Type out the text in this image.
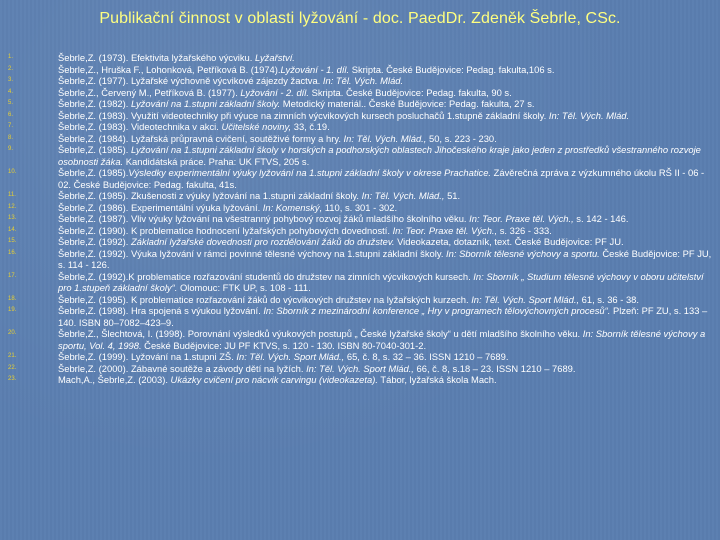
Publikační činnost v oblasti lyžování - doc. PaedDr. Zdeněk Šebrle, CSc.
1.	Šebrle,Z. (1973). Efektivita lyžařského výcviku. Lyžařství.
2.	Šebrle,Z., Hruška F., Lohonková, Petříková B. (1974).Lyžování - 1. díl. Skripta. České Budějovice: Pedag. fakulta,106 s.
3.	Šebrle,Z. (1977). Lyžařské výchovně výcvikové zájezdy žactva. In: Těl. Vých. Mlád.
4.	Šebrle,Z., Červený M., Petříková B. (1977). Lyžování - 2. díl. Skripta. České Budějovice: Pedag. fakulta, 90 s.
5.	Šebrle,Z. (1982). Lyžování na 1.stupni základní školy. Metodický materiál.. České Budějovice: Pedag. fakulta, 27 s.
6.	Šebrle,Z. (1983). Využití videotechniky při výuce na zimních výcvikových kursech posluchačů 1.stupně základní školy. In: Těl. Vých. Mlád.
7.	Šebrle,Z. (1983). Videotechnika v akci. Učitelské noviny, 33, č.19.
8.	Šebrle,Z. (1984). Lyžařská průpravná cvičení, soutěživé formy a hry. In: Těl. Vých. Mlád., 50, s. 223 - 230.
9.	Šebrle,Z. (1985). Lyžování na 1.stupni základní školy v horských a podhorských oblastech Jihočeského kraje jako jeden z prostředků všestranného rozvoje osobnosti žáka. Kandidátská práce. Praha: UK FTVS, 205 s.
10.	Šebrle,Z. (1985).Výsledky experimentální výuky lyžování na 1.stupni základní školy v okrese Prachatice. Závěrečná zpráva z výzkumného úkolu RŠ II - 06 - 02. České Budějovice: Pedag. fakulta, 41s.
11.	Šebrle,Z. (1985). Zkušenosti z výuky lyžování na 1.stupni základní školy. In: Těl. Vých. Mlád., 51.
12.	Šebrle,Z. (1986). Experimentální výuka lyžování. In: Komenský, 110, s. 301 - 302.
13.	Šebrle,Z. (1987). Vliv výuky lyžování na všestranný pohybový rozvoj žáků mladšího školního věku. In: Teor. Praxe těl. Vých., s. 142 - 146.
14.	Šebrle,Z. (1990). K problematice hodnocení lyžařských pohybových dovedností. In: Teor. Praxe těl. Vých., s. 326 - 333.
15.	Šebrle,Z. (1992). Základní lyžařské dovednosti pro rozdělování žáků do družstev. Videokazeta, dotazník, text. České Budějovice: PF JU.
16.	Šebrle,Z. (1992). Výuka lyžování v rámci povinné tělesné výchovy na 1.stupni základní školy. In: Sborník tělesné výchovy a sportu. České Budějovice: PF JU, s. 114 - 126.
17.	Šebrle,Z. (1992).K problematice rozřazování studentů do družstev na zimních výcvikových kursech. In: Sborník „ Studium tělesné výchovy v oboru učitelství pro 1.stupeň základní školy“. Olomouc: FTK UP, s. 108 - 111.
18.	Šebrle,Z. (1995). K problematice rozřazování žáků do výcvikových družstev na lyžařských kurzech. In: Těl. Vých. Sport Mlád., 61, s. 36 - 38.
19.	Šebrle,Z. (1998). Hra spojená s výukou lyžování. In: Sborník z mezinárodní konference „ Hry v programech tělovýchovných procesů“. Plzeň: PF ZU, s. 133 – 140. ISBN 80–7082–423–9.
20.	Šebrle,Z., Šlechtová, I. (1998). Porovnání výsledků výukových postupů „ České lyžařské školy“ u dětí mladšího školního věku. In: Sborník tělesné výchovy a sportu, Vol. 4, 1998. České Budějovice: JU PF KTVS, s. 120 - 130. ISBN 80-7040-301-2.
21.	Šebrle,Z. (1999). Lyžování na 1.stupni ZŠ. In: Těl. Vých. Sport Mlád., 65, č. 8, s. 32 – 36. ISSN 1210 – 7689.
22.	Šebrle,Z. (2000). Zábavné soutěže a závody dětí na lyžích. In: Těl. Vých. Sport Mlád., 66, č. 8, s.18 – 23. ISSN 1210 – 7689.
23.	Mach,A., Šebrle,Z. (2003). Ukázky cvičení pro nácvik carvingu (videokazeta). Tábor, lyžařská škola Mach.
